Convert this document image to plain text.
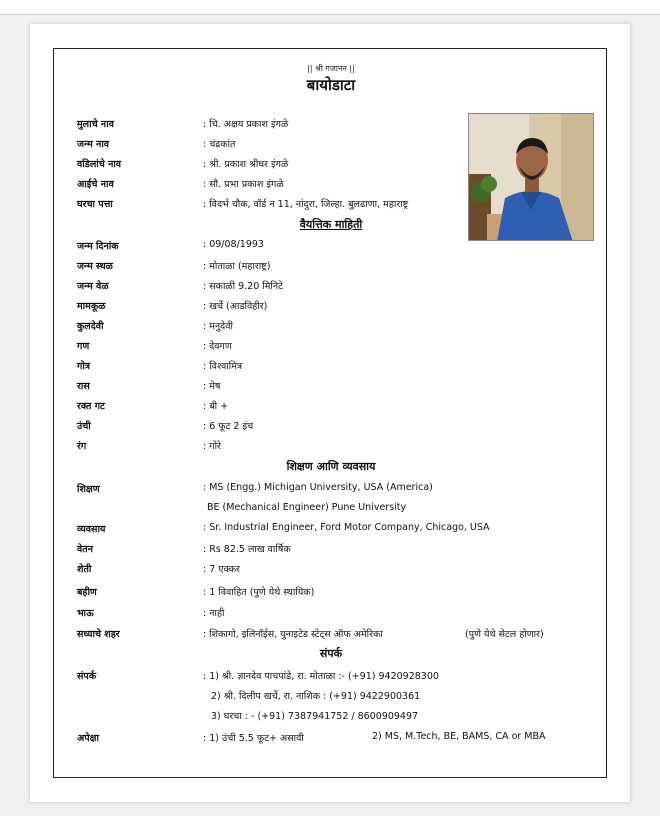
|| श्री गजानन ||
बायोडाटा
मुलाचे नाव	: चि. अक्षय प्रकाश इंगळे
जन्म नाव	: चंद्रकांत
वडिलांचे नाव	: श्री. प्रकाश श्रीधर इंगळे
आईचे नाव	: सौ. प्रभा प्रकाश इंगळे
घरचा पत्ता	: विदर्भ चौक, वॉर्ड न 11, नांदुरा, जिल्हा. बुलढाणा, महाराष्ट्र
वैयत्तिक माहिती
जन्म दिनांक	: 09/08/1993
जन्म स्थळ	: मोताळा (महाराष्ट्र)
जन्म वेळ	: सकाळी 9.20 मिनिटे
मामकूळ	: खर्चे (आडविहीर)
कुलदेवी	: मनुदेवी
गण	: देवगण
गोत्र	: विश्वामित्र
रास	: मेष
रक्त गट	: बी +
उंची	: 6 फूट 2 इंच
रंग	: गोरे
शिक्षण आणि व्यवसाय
शिक्षण	: MS (Engg.) Michigan University, USA (America)
BE (Mechanical Engineer) Pune University
व्यवसाय	: Sr. Industrial Engineer, Ford Motor Company, Chicago, USA
वेतन	: Rs 82.5 लाख वार्षिक
शेती	: 7 एक्कर
बहीण	: 1 विवाहित (पुणे येथे स्थायिक)
भाऊ	: नाही
सध्याचे शहर	: शिकागो, इलिनॉईस, युनाइटेड स्टेट्स ऑफ अमेरिका	(पुणे येथे सेटल होणार)
संपर्क
संपर्क	: 1) श्री. ज्ञानदेव पाचपांडे, रा. मोताळा :- (+91) 9420928300
2) श्री. दिलीप खर्चे, रा. नाशिक : (+91) 9422900361
3) घरचा : - (+91) 7387941752 / 8600909497
अपेक्षा	: 1) उंची 5.5 फूट+ असावी	2) MS, M.Tech, BE, BAMS, CA or MBA
